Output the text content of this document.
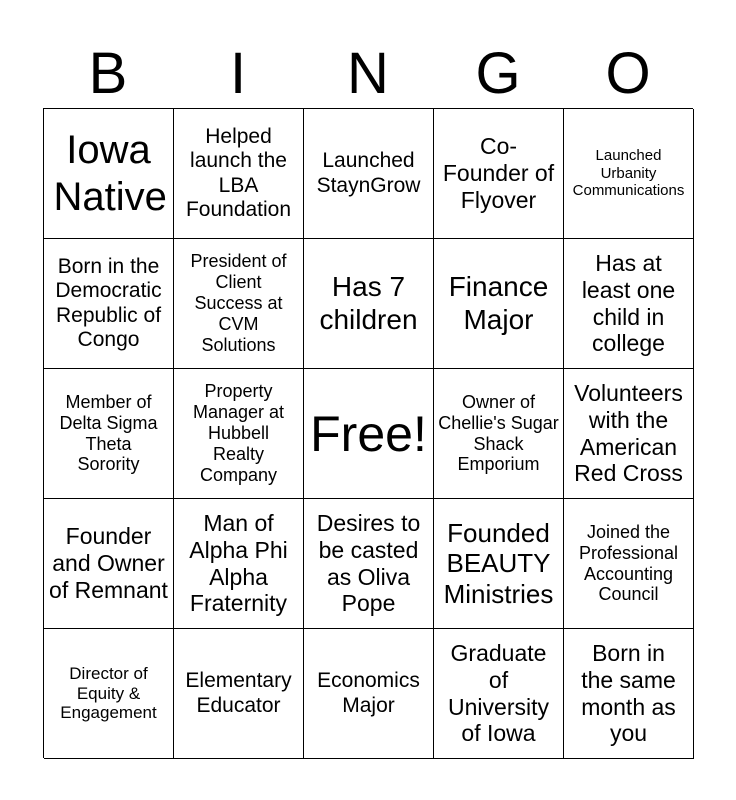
B	I	N	G	O
Iowa Native
Helped launch the LBA Foundation
Launched StaynGrow
Co-Founder of Flyover
Launched Urbanity Communications
Born in the Democratic Republic of Congo
President of Client Success at CVM Solutions
Has 7 children
Finance Major
Has at least one child in college
Member of Delta Sigma Theta Sorority
Property Manager at Hubbell Realty Company
Free!
Owner of Chellie's Sugar Shack Emporium
Volunteers with the American Red Cross
Founder and Owner of Remnant
Man of Alpha Phi Alpha Fraternity
Desires to be casted as Oliva Pope
Founded BEAUTY Ministries
Joined the Professional Accounting Council
Director of Equity & Engagement
Elementary Educator
Economics Major
Graduate of University of Iowa
Born in the same month as you
